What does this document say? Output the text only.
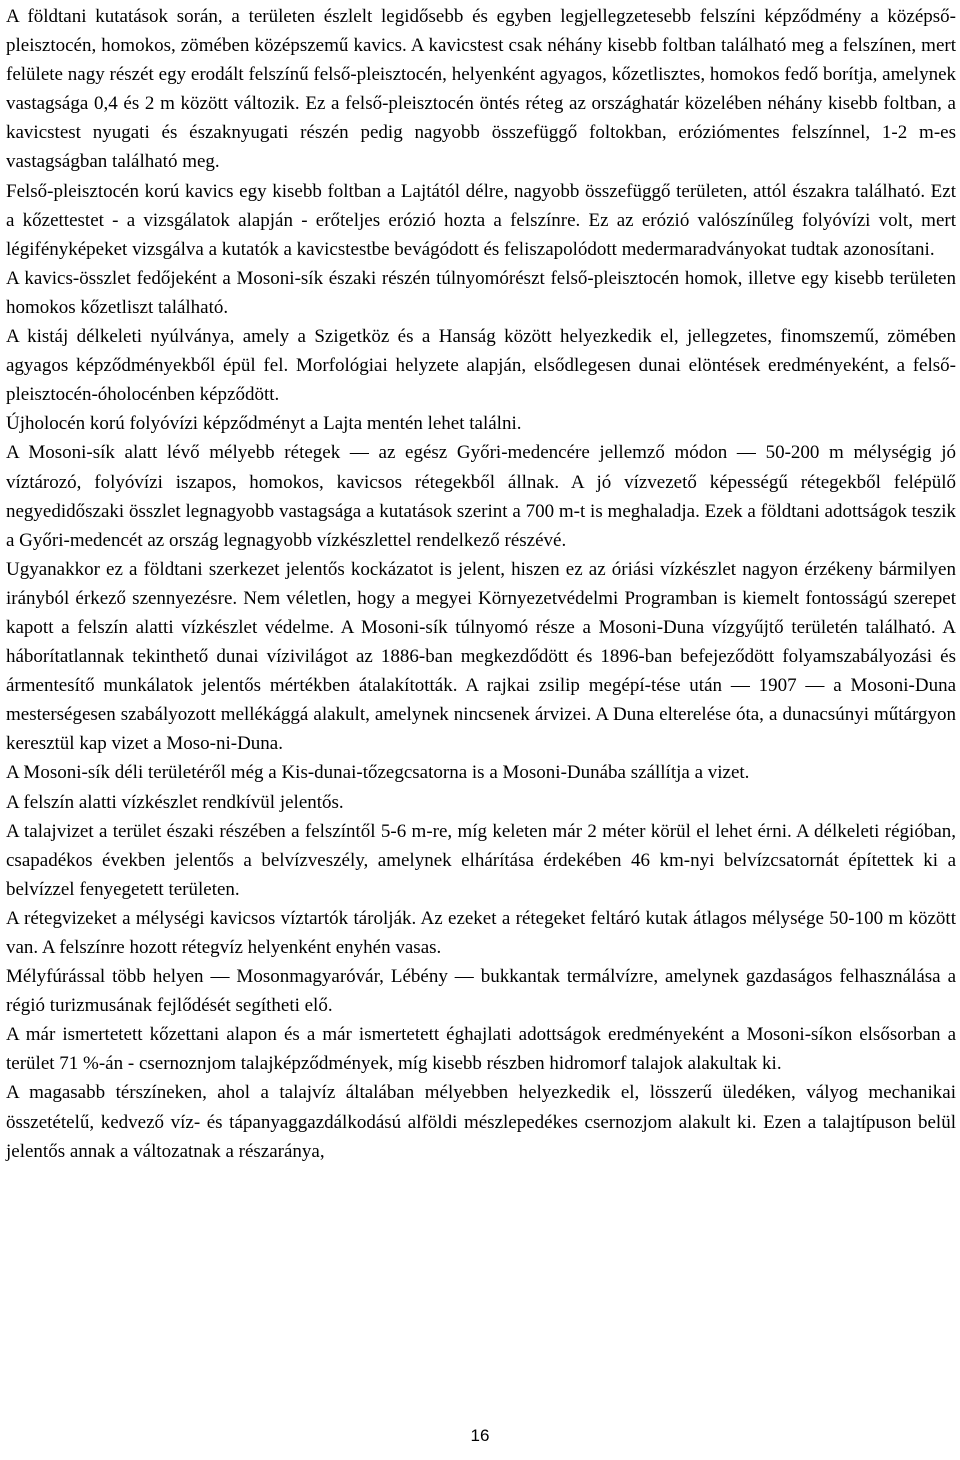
A földtani kutatások során, a területen észlelt legidősebb és egyben legjellegzetesebb felszíni képződmény a középső-pleisztocén, homokos, zömében középszemű kavics. A kavicstest csak néhány kisebb foltban található meg a felszínen, mert felülete nagy részét egy erodált felszínű felső-pleisztocén, helyenként agyagos, kőzetlisztes, homokos fedő borítja, amelynek vastagsága 0,4 és 2 m között változik. Ez a felső-pleisztocén öntés réteg az országhatár közelében néhány kisebb foltban, a kavicstest nyugati és északnyugati részén pedig nagyobb összefüggő foltokban, eróziómentes felszínnel, 1-2 m-es vastagságban található meg.

Felső-pleisztocén korú kavics egy kisebb foltban a Lajtától délre, nagyobb összefüggő területen, attól északra található. Ezt a kőzettestet - a vizsgálatok alapján - erőteljes erózió hozta a felszínre. Ez az erózió valószínűleg folyóvízi volt, mert légifényképeket vizsgálva a kutatók a kavicstestbe bevágódott és feliszapolódott medermaradványokat tudtak azonosítani.

A kavics-összlet fedőjeként a Mosoni-sík északi részén túlnyomórészt felső-pleisztocén homok, illetve egy kisebb területen homokos kőzetliszt található.

A kistáj délkeleti nyúlványa, amely a Szigetköz és a Hanság között helyezkedik el, jellegzetes, finomszemű, zömében agyagos képződményekből épül fel. Morfológiai helyzete alapján, elsődlegesen dunai elöntések eredményeként, a felső-pleisztocén-óholocénben képződött.

Újholocén korú folyóvízi képződményt a Lajta mentén lehet találni.

A Mosoni-sík alatt lévő mélyebb rétegek — az egész Győri-medencére jellemző módon — 50-200 m mélységig jó víztározó, folyóvízi iszapos, homokos, kavicsos rétegekből állnak. A jó vízvezető képességű rétegekből felépülő negyedidőszaki összlet legnagyobb vastagsága a kutatások szerint a 700 m-t is meghaladja. Ezek a földtani adottságok teszik a Győri-medencét az ország legnagyobb vízkészlettel rendelkező részévé.

Ugyanakkor ez a földtani szerkezet jelentős kockázatot is jelent, hiszen ez az óriási vízkészlet nagyon érzékeny bármilyen irányból érkező szennyezésre. Nem véletlen, hogy a megyei Környezetvédelmi Programban is kiemelt fontosságú szerepet kapott a felszín alatti vízkészlet védelme. A Mosoni-sík túlnyomó része a Mosoni-Duna vízgyűjtő területén található. A háborítatlannak tekinthető dunai vízivilágot az 1886-ban megkezdődött és 1896-ban befejeződött folyamszabályozási és ármentesítő munkálatok jelentős mértékben átalakították. A rajkai zsilip megépí-tése után — 1907 — a Mosoni-Duna mesterségesen szabályozott mellékággá alakult, amelynek nincsenek árvizei. A Duna elterelése óta, a dunacsúnyi műtárgyon keresztül kap vizet a Moso-ni-Duna.

A Mosoni-sík déli területéről még a Kis-dunai-tőzegcsatorna is a Mosoni-Dunába szállítja a vizet.

A felszín alatti vízkészlet rendkívül jelentős.

A talajvizet a terület északi részében a felszíntől 5-6 m-re, míg keleten már 2 méter körül el lehet érni. A délkeleti régióban, csapadékos években jelentős a belvízveszély, amelynek elhárítása érdekében 46 km-nyi belvízcsatornát építettek ki a belvízzel fenyegetett területen.

A rétegvizeket a mélységi kavicsos víztartók tárolják. Az ezeket a rétegeket feltáró kutak átlagos mélysége 50-100 m között van. A felszínre hozott rétegvíz helyenként enyhén vasas.

Mélyfúrással több helyen — Mosonmagyaróvár, Lébény — bukkantak termálvízre, amelynek gazdaságos felhasználása a régió turizmusának fejlődését segítheti elő.

A már ismertetett kőzettani alapon és a már ismertetett éghajlati adottságok eredményeként a Mosoni-síkon elsősorban a terület 71 %-án - csernoznjom talajképződmények, míg kisebb részben hidromorf talajok alakultak ki.

A magasabb térszíneken, ahol a talajvíz általában mélyebben helyezkedik el, lösszerű üledéken, vályog mechanikai összetételű, kedvező víz- és tápanyaggazdálkodású alföldi mészlepedékes csernozjom alakult ki. Ezen a talajtípuson belül jelentős annak a változatnak a részaránya,

16
